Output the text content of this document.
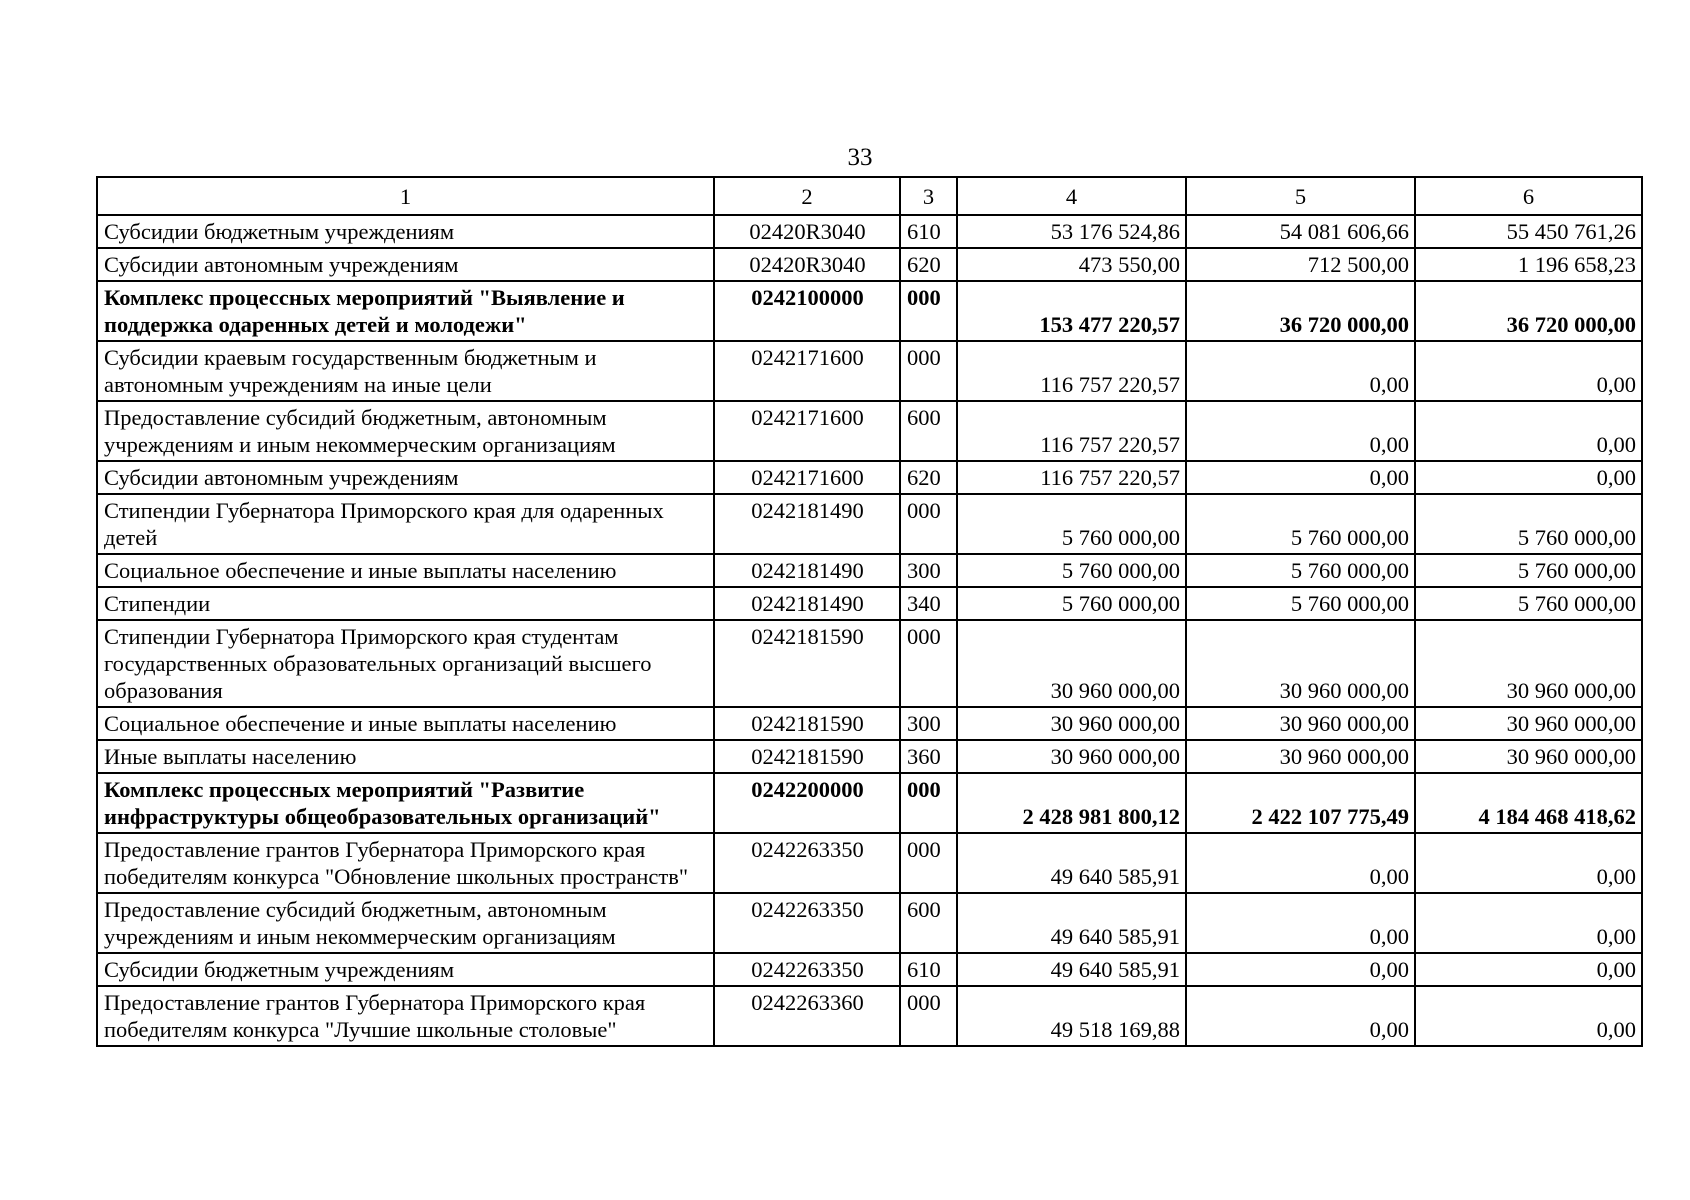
33
1	2	3	4	5	6
Субсидии бюджетным учреждениям	02420R3040	610	53 176 524,86	54 081 606,66	55 450 761,26
Субсидии автономным учреждениям	02420R3040	620	473 550,00	712 500,00	1 196 658,23
Комплекс процессных мероприятий "Выявление и поддержка одаренных детей и молодежи"	0242100000	000	153 477 220,57	36 720 000,00	36 720 000,00
Субсидии краевым государственным бюджетным и автономным учреждениям на иные цели	0242171600	000	116 757 220,57	0,00	0,00
Предоставление субсидий бюджетным, автономным учреждениям и иным некоммерческим организациям	0242171600	600	116 757 220,57	0,00	0,00
Субсидии автономным учреждениям	0242171600	620	116 757 220,57	0,00	0,00
Стипендии Губернатора Приморского края для одаренных детей	0242181490	000	5 760 000,00	5 760 000,00	5 760 000,00
Социальное обеспечение и иные выплаты населению	0242181490	300	5 760 000,00	5 760 000,00	5 760 000,00
Стипендии	0242181490	340	5 760 000,00	5 760 000,00	5 760 000,00
Стипендии Губернатора Приморского края студентам государственных образовательных организаций высшего образования	0242181590	000	30 960 000,00	30 960 000,00	30 960 000,00
Социальное обеспечение и иные выплаты населению	0242181590	300	30 960 000,00	30 960 000,00	30 960 000,00
Иные выплаты населению	0242181590	360	30 960 000,00	30 960 000,00	30 960 000,00
Комплекс процессных мероприятий "Развитие инфраструктуры общеобразовательных организаций"	0242200000	000	2 428 981 800,12	2 422 107 775,49	4 184 468 418,62
Предоставление грантов Губернатора Приморского края победителям конкурса "Обновление школьных пространств"	0242263350	000	49 640 585,91	0,00	0,00
Предоставление субсидий бюджетным, автономным учреждениям и иным некоммерческим организациям	0242263350	600	49 640 585,91	0,00	0,00
Субсидии бюджетным учреждениям	0242263350	610	49 640 585,91	0,00	0,00
Предоставление грантов Губернатора Приморского края победителям конкурса "Лучшие школьные столовые"	0242263360	000	49 518 169,88	0,00	0,00
